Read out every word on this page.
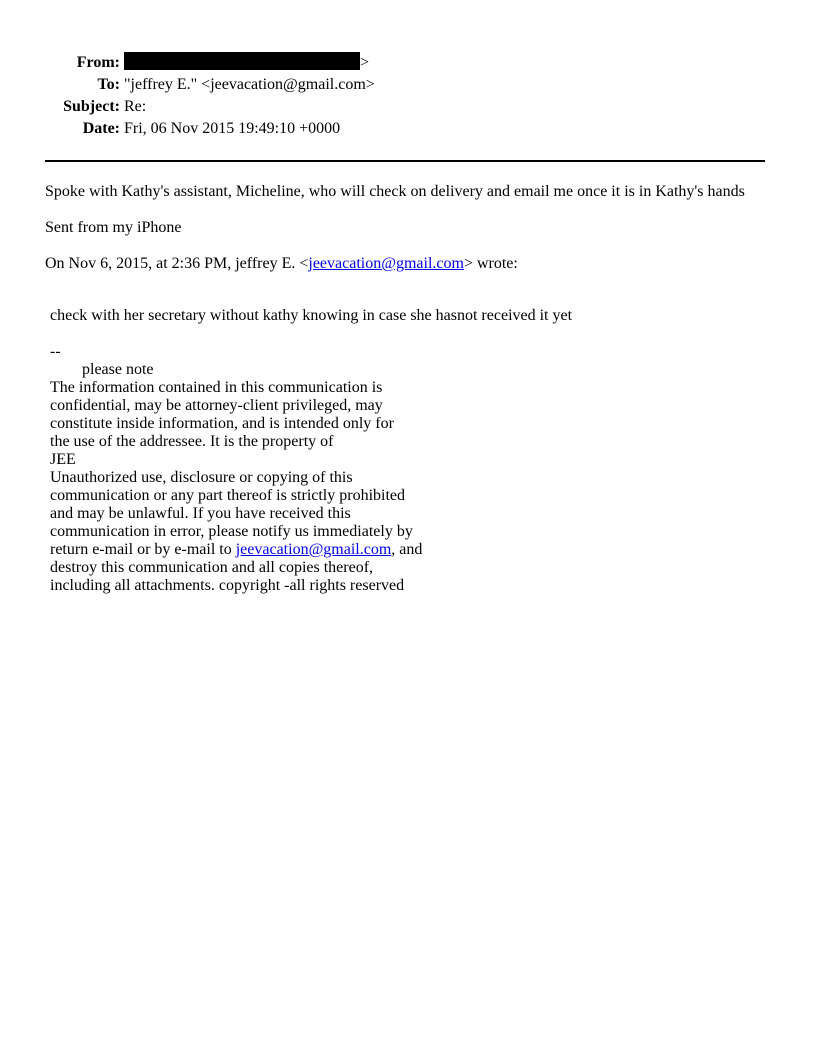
From:	>
To: "jeffrey E." <jeevacation@gmail.com>
Subject: Re:
Date: Fri, 06 Nov 2015 19:49:10 +0000
Spoke with Kathy's assistant, Micheline, who will check on delivery and email me once it is in Kathy's hands
Sent from my iPhone
On Nov 6, 2015, at 2:36 PM, jeffrey E. <jeevacation@gmail.com> wrote:
check with her secretary without kathy knowing in case she hasnot received it yet
--
please note
The information contained in this communication is
confidential, may be attorney-client privileged, may
constitute inside information, and is intended only for
the use of the addressee. It is the property of
JEE
Unauthorized use, disclosure or copying of this
communication or any part thereof is strictly prohibited
and may be unlawful. If you have received this
communication in error, please notify us immediately by
return e-mail or by e-mail to jeevacation@gmail.com, and
destroy this communication and all copies thereof,
including all attachments. copyright -all rights reserved
